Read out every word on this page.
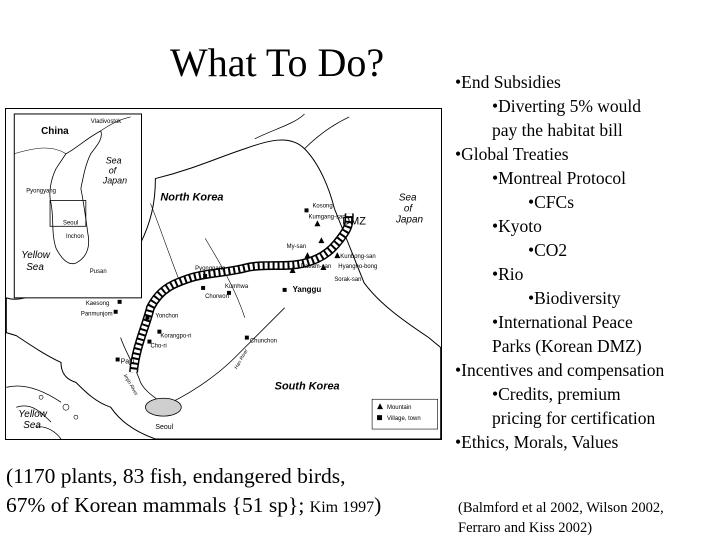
What To Do?
China
Vladivostok
Pyongyang
Sea
of
Japan
Seoul
Inchon
Pusan
Yellow
Sea
North Korea
South Korea
Sea
of
Japan
Yellow
Sea
DMZ
Kosong
Kumgang-san
My-san
Kunbong-san
Hyangno-bong
Sorak-san
Daeam-san
Yanggu
Pyonggang
Kumhwa
Chorwon
Yonchon
Korangpo-ri
Cho-ri
Kaesong
Panmunjom
Paju
Chunchon
Seoul
Han River
Imjin River
Mountain
Village, town
•End Subsidies
•Diverting 5% would
pay the habitat bill
•Global Treaties
•Montreal Protocol
•CFCs
•Kyoto
•CO2
•Rio
•Biodiversity
•International Peace
Parks (Korean DMZ)
•Incentives and compensation
•Credits, premium
pricing for certification
•Ethics, Morals, Values
(1170 plants, 83 fish, endangered birds,
67% of Korean mammals {51 sp}; Kim 1997)	(Balmford et al 2002, Wilson 2002,
Ferraro and Kiss 2002)
